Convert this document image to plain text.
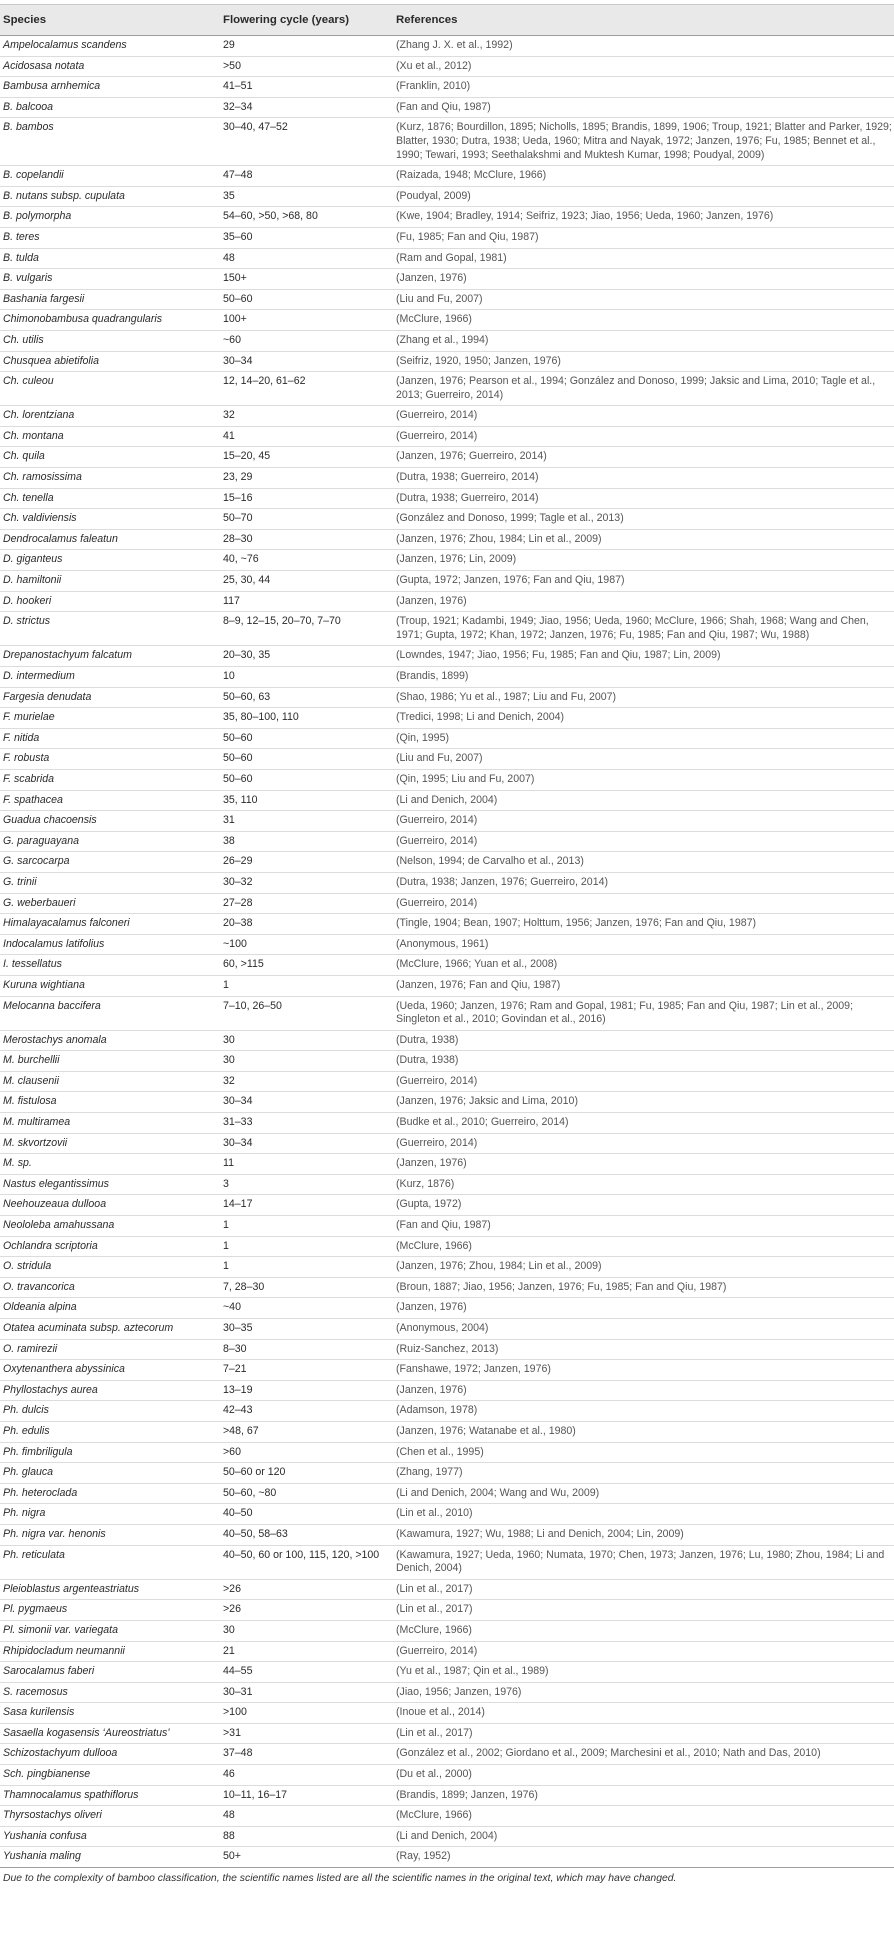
Species	Flowering cycle (years)	References
Ampelocalamus scandens	29	(Zhang J. X. et al., 1992)
Acidosasa notata	>50	(Xu et al., 2012)
Bambusa arnhemica	41–51	(Franklin, 2010)
B. balcooa	32–34	(Fan and Qiu, 1987)
B. bambos	30–40, 47–52	(Kurz, 1876; Bourdillon, 1895; Nicholls, 1895; Brandis, 1899, 1906; Troup, 1921; Blatter and Parker, 1929; Blatter, 1930; Dutra, 1938; Ueda, 1960; Mitra and Nayak, 1972; Janzen, 1976; Fu, 1985; Bennet et al., 1990; Tewari, 1993; Seethalakshmi and Muktesh Kumar, 1998; Poudyal, 2009)
B. copelandii	47–48	(Raizada, 1948; McClure, 1966)
B. nutans subsp. cupulata	35	(Poudyal, 2009)
B. polymorpha	54–60, >50, >68, 80	(Kwe, 1904; Bradley, 1914; Seifriz, 1923; Jiao, 1956; Ueda, 1960; Janzen, 1976)
B. teres	35–60	(Fu, 1985; Fan and Qiu, 1987)
B. tulda	48	(Ram and Gopal, 1981)
B. vulgaris	150+	(Janzen, 1976)
Bashania fargesii	50–60	(Liu and Fu, 2007)
Chimonobambusa quadrangularis	100+	(McClure, 1966)
Ch. utilis	~60	(Zhang et al., 1994)
Chusquea abietifolia	30–34	(Seifriz, 1920, 1950; Janzen, 1976)
Ch. culeou	12, 14–20, 61–62	(Janzen, 1976; Pearson et al., 1994; González and Donoso, 1999; Jaksic and Lima, 2010; Tagle et al., 2013; Guerreiro, 2014)
Ch. lorentziana	32	(Guerreiro, 2014)
Ch. montana	41	(Guerreiro, 2014)
Ch. quila	15–20, 45	(Janzen, 1976; Guerreiro, 2014)
Ch. ramosissima	23, 29	(Dutra, 1938; Guerreiro, 2014)
Ch. tenella	15–16	(Dutra, 1938; Guerreiro, 2014)
Ch. valdiviensis	50–70	(González and Donoso, 1999; Tagle et al., 2013)
Dendrocalamus faleatun	28–30	(Janzen, 1976; Zhou, 1984; Lin et al., 2009)
D. giganteus	40, ~76	(Janzen, 1976; Lin, 2009)
D. hamiltonii	25, 30, 44	(Gupta, 1972; Janzen, 1976; Fan and Qiu, 1987)
D. hookeri	117	(Janzen, 1976)
D. strictus	8–9, 12–15, 20–70, 7–70	(Troup, 1921; Kadambi, 1949; Jiao, 1956; Ueda, 1960; McClure, 1966; Shah, 1968; Wang and Chen, 1971; Gupta, 1972; Khan, 1972; Janzen, 1976; Fu, 1985; Fan and Qiu, 1987; Wu, 1988)
Drepanostachyum falcatum	20–30, 35	(Lowndes, 1947; Jiao, 1956; Fu, 1985; Fan and Qiu, 1987; Lin, 2009)
D. intermedium	10	(Brandis, 1899)
Fargesia denudata	50–60, 63	(Shao, 1986; Yu et al., 1987; Liu and Fu, 2007)
F. murielae	35, 80–100, 110	(Tredici, 1998; Li and Denich, 2004)
F. nitida	50–60	(Qin, 1995)
F. robusta	50–60	(Liu and Fu, 2007)
F. scabrida	50–60	(Qin, 1995; Liu and Fu, 2007)
F. spathacea	35, 110	(Li and Denich, 2004)
Guadua chacoensis	31	(Guerreiro, 2014)
G. paraguayana	38	(Guerreiro, 2014)
G. sarcocarpa	26–29	(Nelson, 1994; de Carvalho et al., 2013)
G. trinii	30–32	(Dutra, 1938; Janzen, 1976; Guerreiro, 2014)
G. weberbaueri	27–28	(Guerreiro, 2014)
Himalayacalamus falconeri	20–38	(Tingle, 1904; Bean, 1907; Holttum, 1956; Janzen, 1976; Fan and Qiu, 1987)
Indocalamus latifolius	~100	(Anonymous, 1961)
I. tessellatus	60, >115	(McClure, 1966; Yuan et al., 2008)
Kuruna wightiana	1	(Janzen, 1976; Fan and Qiu, 1987)
Melocanna baccifera	7–10, 26–50	(Ueda, 1960; Janzen, 1976; Ram and Gopal, 1981; Fu, 1985; Fan and Qiu, 1987; Lin et al., 2009; Singleton et al., 2010; Govindan et al., 2016)
Merostachys anomala	30	(Dutra, 1938)
M. burchellii	30	(Dutra, 1938)
M. clausenii	32	(Guerreiro, 2014)
M. fistulosa	30–34	(Janzen, 1976; Jaksic and Lima, 2010)
M. multiramea	31–33	(Budke et al., 2010; Guerreiro, 2014)
M. skvortzovii	30–34	(Guerreiro, 2014)
M. sp.	11	(Janzen, 1976)
Nastus elegantissimus	3	(Kurz, 1876)
Neehouzeaua dullooa	14–17	(Gupta, 1972)
Neololeba amahussana	1	(Fan and Qiu, 1987)
Ochlandra scriptoria	1	(McClure, 1966)
O. stridula	1	(Janzen, 1976; Zhou, 1984; Lin et al., 2009)
O. travancorica	7, 28–30	(Broun, 1887; Jiao, 1956; Janzen, 1976; Fu, 1985; Fan and Qiu, 1987)
Oldeania alpina	~40	(Janzen, 1976)
Otatea acuminata subsp. aztecorum	30–35	(Anonymous, 2004)
O. ramirezii	8–30	(Ruiz-Sanchez, 2013)
Oxytenanthera abyssinica	7–21	(Fanshawe, 1972; Janzen, 1976)
Phyllostachys aurea	13–19	(Janzen, 1976)
Ph. dulcis	42–43	(Adamson, 1978)
Ph. edulis	>48, 67	(Janzen, 1976; Watanabe et al., 1980)
Ph. fimbriligula	>60	(Chen et al., 1995)
Ph. glauca	50–60 or 120	(Zhang, 1977)
Ph. heteroclada	50–60, ~80	(Li and Denich, 2004; Wang and Wu, 2009)
Ph. nigra	40–50	(Lin et al., 2010)
Ph. nigra var. henonis	40–50, 58–63	(Kawamura, 1927; Wu, 1988; Li and Denich, 2004; Lin, 2009)
Ph. reticulata	40–50, 60 or 100, 115, 120, >100	(Kawamura, 1927; Ueda, 1960; Numata, 1970; Chen, 1973; Janzen, 1976; Lu, 1980; Zhou, 1984; Li and Denich, 2004)
Pleioblastus argenteastriatus	>26	(Lin et al., 2017)
Pl. pygmaeus	>26	(Lin et al., 2017)
Pl. simonii var. variegata	30	(McClure, 1966)
Rhipidocladum neumannii	21	(Guerreiro, 2014)
Sarocalamus faberi	44–55	(Yu et al., 1987; Qin et al., 1989)
S. racemosus	30–31	(Jiao, 1956; Janzen, 1976)
Sasa kurilensis	>100	(Inoue et al., 2014)
Sasaella kogasensis ‘Aureostriatus’	>31	(Lin et al., 2017)
Schizostachyum dullooa	37–48	(González et al., 2002; Giordano et al., 2009; Marchesini et al., 2010; Nath and Das, 2010)
Sch. pingbianense	46	(Du et al., 2000)
Thamnocalamus spathiflorus	10–11, 16–17	(Brandis, 1899; Janzen, 1976)
Thyrsostachys oliveri	48	(McClure, 1966)
Yushania confusa	88	(Li and Denich, 2004)
Yushania maling	50+	(Ray, 1952)
Due to the complexity of bamboo classification, the scientific names listed are all the scientific names in the original text, which may have changed.
